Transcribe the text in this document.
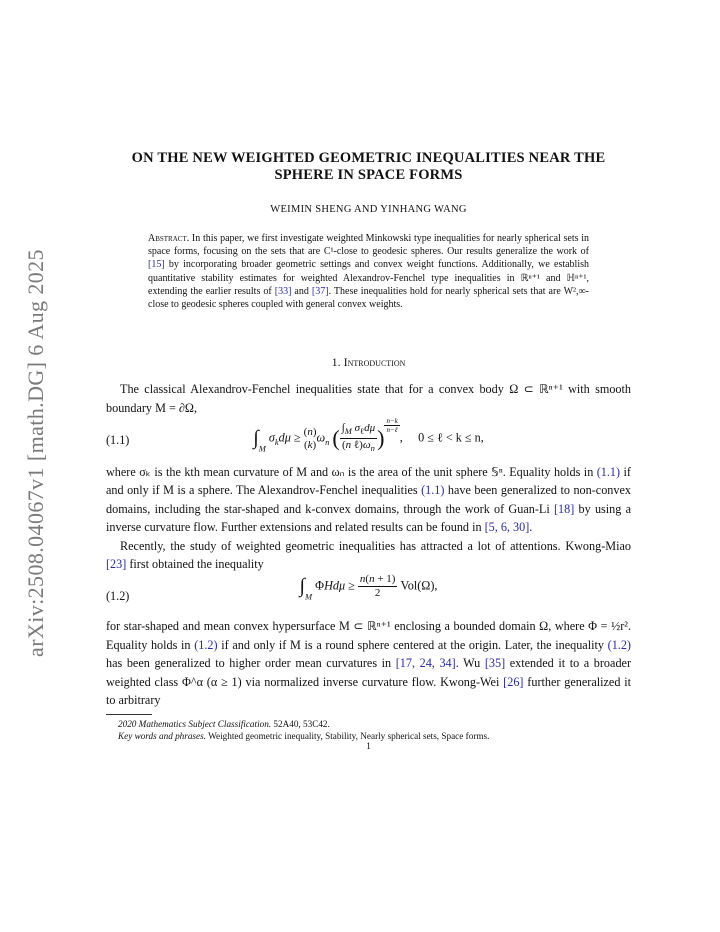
arXiv:2508.04067v1 [math.DG] 6 Aug 2025
ON THE NEW WEIGHTED GEOMETRIC INEQUALITIES NEAR THE SPHERE IN SPACE FORMS
WEIMIN SHENG AND YINHANG WANG
Abstract. In this paper, we first investigate weighted Minkowski type inequalities for nearly spherical sets in space forms, focusing on the sets that are C¹-close to geodesic spheres. Our results generalize the work of [15] by incorporating broader geometric settings and convex weight functions. Additionally, we establish quantitative stability estimates for weighted Alexandrov-Fenchel type inequalities in ℝⁿ⁺¹ and ℍⁿ⁺¹, extending the earlier results of [33] and [37]. These inequalities hold for nearly spherical sets that are W²,∞-close to geodesic spheres coupled with general convex weights.
1. Introduction
The classical Alexandrov-Fenchel inequalities state that for a convex body Ω ⊂ ℝⁿ⁺¹ with smooth boundary M = ∂Ω,
(1.1)	$\int_M$ $\sigma_kd\mu \ge (n)$
(k)
$\omega_n$ ( $\frac{\int_M \sigma_\ell d\mu}{(n \ell)\omega_n}$ )
$^{\frac{n-k}{\text{n−ℓ}}}$
,     0 ≤ ℓ < k ≤ n,
where σₖ is the kth mean curvature of M and ωₙ is the area of the unit sphere 𝕊ⁿ. Equality holds in (1.1) if and only if M is a sphere. The Alexandrov-Fenchel inequalities (1.1) have been generalized to non-convex domains, including the star-shaped and k-convex domains, through the work of Guan-Li [18] by using a inverse curvature flow. Further extensions and related results can be found in [5, 6, 30].
Recently, the study of weighted geometric inequalities has attracted a lot of attentions. Kwong-Miao [23] first obtained the inequality
(1.2)	$\int_M$ $\Phi Hd\mu \ge \frac{n(n + 1)}{2} Vol(\Omega)$,
for star-shaped and mean convex hypersurface M ⊂ ℝⁿ⁺¹ enclosing a bounded domain Ω, where Φ = ½r². Equality holds in (1.2) if and only if M is a round sphere centered at the origin. Later, the inequality (1.2) has been generalized to higher order mean curvatures in [17, 24, 34]. Wu [35] extended it to a broader weighted class Φ^α (α ≥ 1) via normalized inverse curvature flow. Kwong-Wei [26] further generalized it to arbitrary
2020 Mathematics Subject Classification. 52A40, 53C42.
Key words and phrases. Weighted geometric inequality, Stability, Nearly spherical sets, Space forms.
1
